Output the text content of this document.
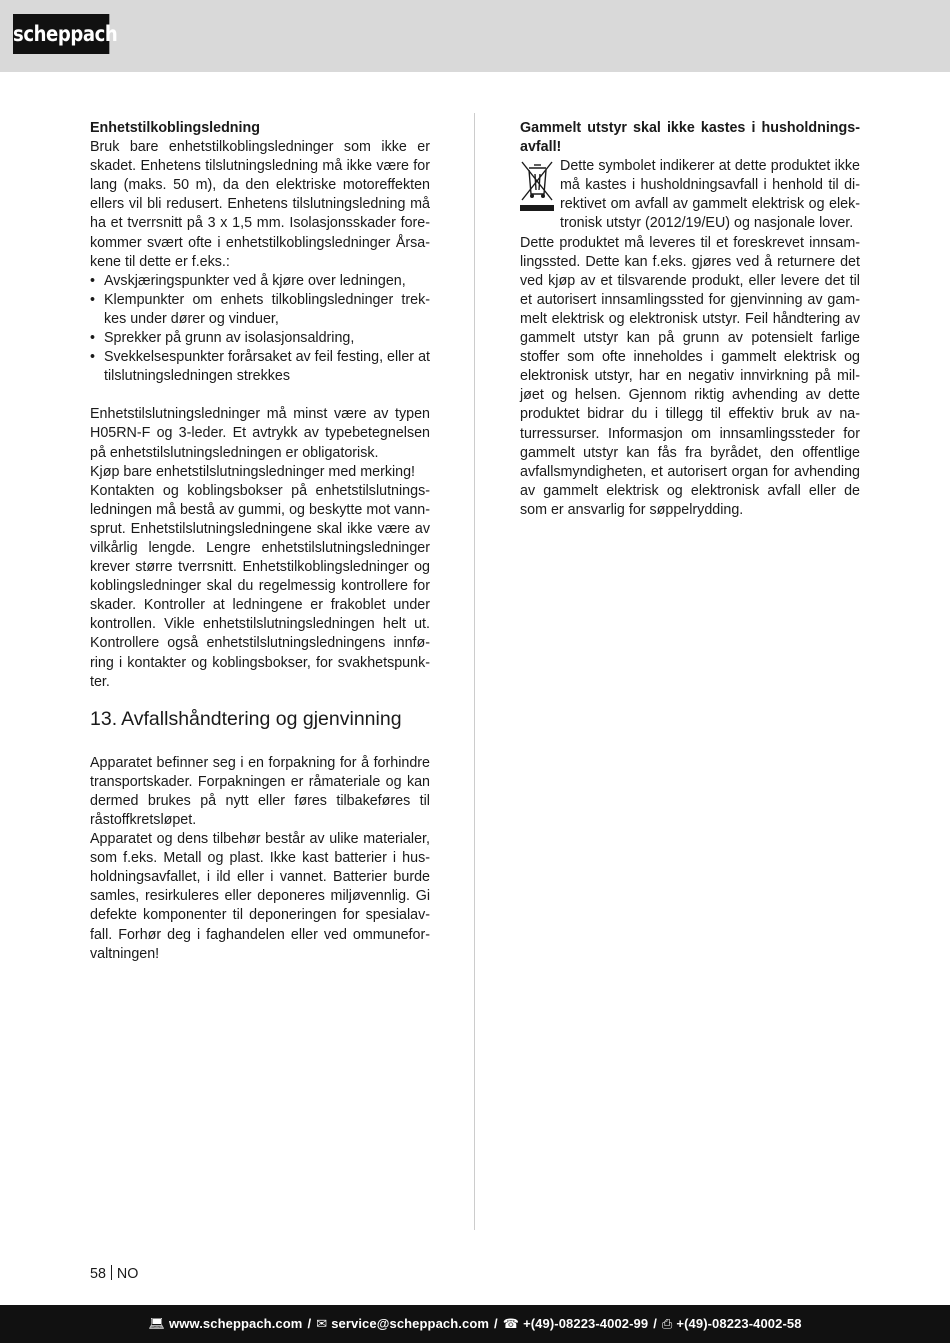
scheppach

Enhetstilkoblingsledning

Bruk bare enhetstilkoblingsledninger som ikke er skadet. Enhetens tilslutningsledning må ikke være for lang (maks. 50 m), da den elektriske motoreffekten ellers vil bli redusert. Enhetens tilslutningsledning må ha et tverrsnitt på 3 x 1,5 mm. Isolasjonsskader forekommer svært ofte i enhetstilkoblingsledninger Årsakene til dette er f.eks.:

• Avskjæringspunkter ved å kjøre over ledningen,
• Klempunkter om enhets tilkoblingsledninger trekkes under dører og vinduer,
• Sprekker på grunn av isolasjonsaldring,
• Svekkelsespunkter forårsaket av feil festing, eller at tilslutningsledningen strekkes

Enhetstilslutningsledninger må minst være av typen H05RN-F og 3-leder. Et avtrykk av typebetegnelsen på enhetstilslutningsledningen er obligatorisk.

Kjøp bare enhetstilslutningsledninger med merking!

Kontakten og koblingsbokser på enhetstilslutningsledningen må bestå av gummi, og beskytte mot vannsprut. Enhetstilslutningsledningene skal ikke være av vilkårlig lengde. Lengre enhetstilslutningsledninger krever større tverrsnitt. Enhetstilkoblingsledninger og koblingsledninger skal du regelmessig kontrollere for skader. Kontroller at ledningene er frakoblet under kontrollen. Vikle enhetstilslutningsledningen helt ut. Kontrollere også enhetstilslutningsledningens innføring i kontakter og koblingsbokser, for svakhetspunkter.

13. Avfallshåndtering og gjenvinning

Apparatet befinner seg i en forpakning for å forhindre transportskader. Forpakningen er råmateriale og kan dermed brukes på nytt eller føres tilbakeføres til råstoffkretsløpet.

Apparatet og dens tilbehør består av ulike materialer, som f.eks. Metall og plast. Ikke kast batterier i husholdningsavfallet, i ild eller i vannet. Batterier burde samles, resirkuleres eller deponeres miljøvennlig. Gi defekte komponenter til deponeringen for spesialavfall. Forhør deg i faghandelen eller ved ommuneforvaltningen!

Gammelt utstyr skal ikke kastes i husholdningsavfall!

Dette symbolet indikerer at dette produktet ikke må kastes i husholdningsavfall i henhold til direktivet om avfall av gammelt elektrisk og elektronisk utstyr (2012/19/EU) og nasjonale lover.

Dette produktet må leveres til et foreskrevet innsamlingssted. Dette kan f.eks. gjøres ved å returnere det ved kjøp av et tilsvarende produkt, eller levere det til et autorisert innsamlingssted for gjenvinning av gammelt elektrisk og elektronisk utstyr. Feil håndtering av gammelt utstyr kan på grunn av potensielt farlige stoffer som ofte inneholdes i gammelt elektrisk og elektronisk utstyr, har en negativ innvirkning på miljøet og helsen. Gjennom riktig avhending av dette produktet bidrar du i tillegg til effektiv bruk av naturressurser. Informasjon om innsamlingssteder for gammelt utstyr kan fås fra byrådet, den offentlige avfallsmyndigheten, et autorisert organ for avhending av gammelt elektrisk og elektronisk avfall eller de som er ansvarlig for søppelrydding.

58 NO
💻︎ www.scheppach.com / ✉︎ service@scheppach.com / ☎︎ +(49)-08223-4002-99 / ⎙ +(49)-08223-4002-58
